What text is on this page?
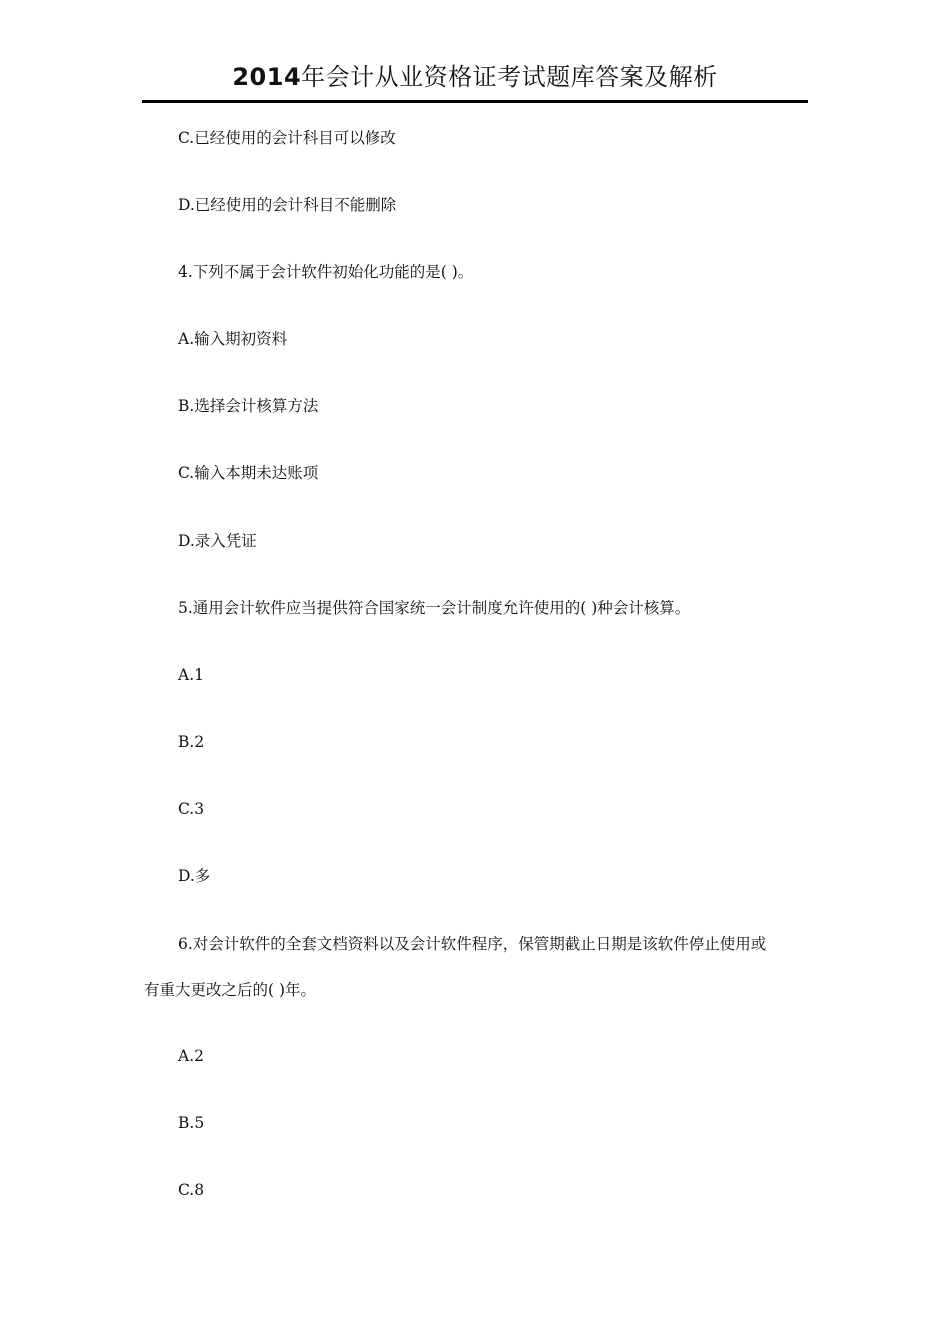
2014年会计从业资格证考试题库答案及解析
C.已经使用的会计科目可以修改
D.已经使用的会计科目不能删除
4.下列不属于会计软件初始化功能的是( )。
A.输入期初资料
B.选择会计核算方法
C.输入本期未达账项
D.录入凭证
5.通用会计软件应当提供符合国家统一会计制度允许使用的( )种会计核算。
A.1
B.2
C.3
D.多
6.对会计软件的全套文档资料以及会计软件程序，保管期截止日期是该软件停止使用或
有重大更改之后的( )年。
A.2
B.5
C.8
